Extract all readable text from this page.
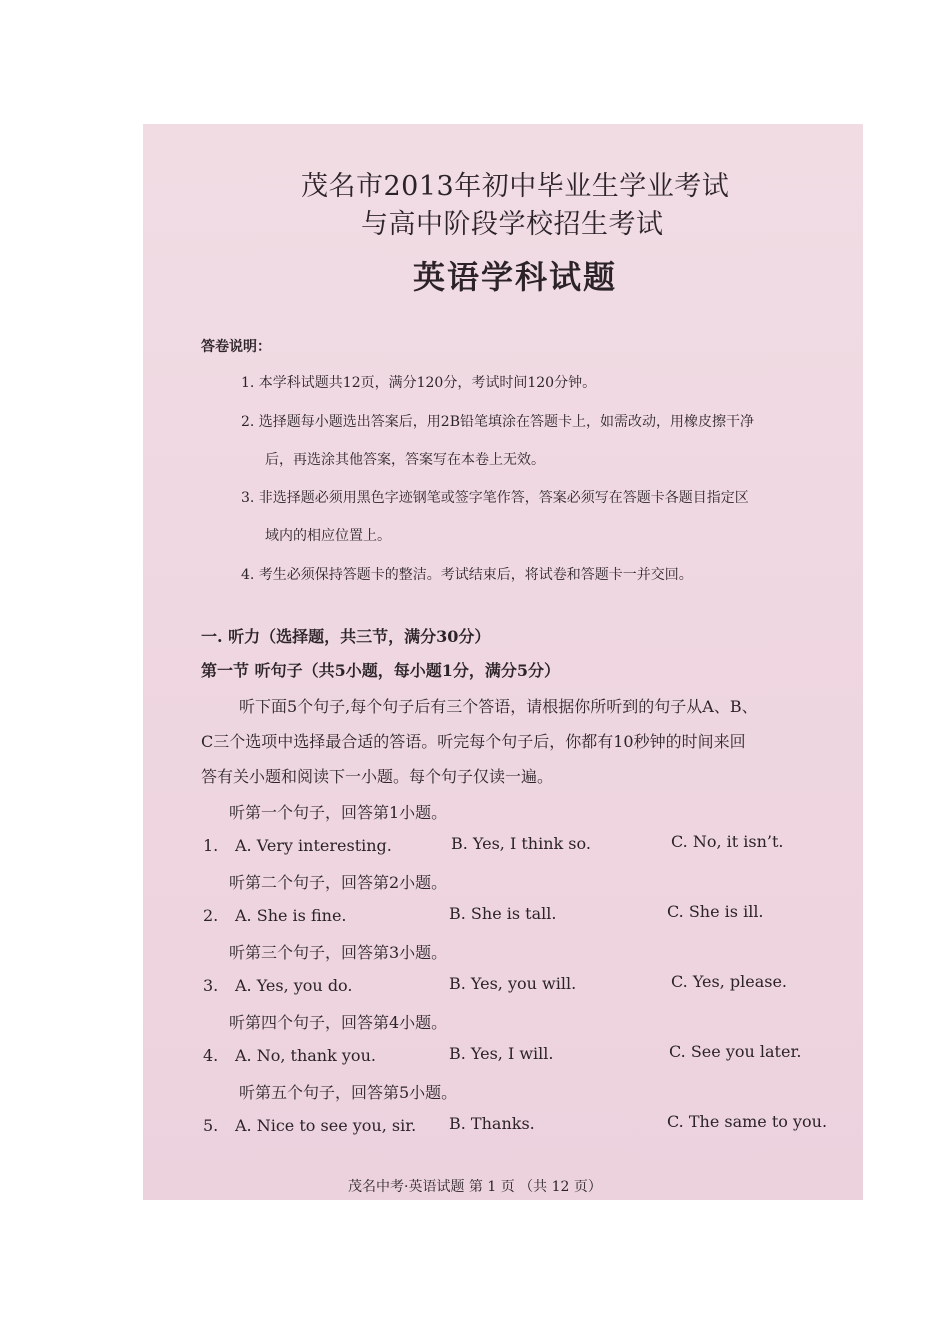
茂名市2013年初中毕业生学业考试
与高中阶段学校招生考试
英语学科试题
答卷说明：
1. 本学科试题共12页，满分120分，考试时间120分钟。
2. 选择题每小题选出答案后，用2B铅笔填涂在答题卡上，如需改动，用橡皮擦干净
后，再选涂其他答案，答案写在本卷上无效。
3. 非选择题必须用黑色字迹钢笔或签字笔作答，答案必须写在答题卡各题目指定区
域内的相应位置上。
4. 考生必须保持答题卡的整洁。考试结束后，将试卷和答题卡一并交回。
一. 听力（选择题，共三节，满分30分）
第一节 听句子（共5小题，每小题1分，满分5分）
听下面5个句子,每个句子后有三个答语，请根据你所听到的句子从A、B、
C三个选项中选择最合适的答语。听完每个句子后，你都有10秒钟的时间来回
答有关小题和阅读下一小题。每个句子仅读一遍。
听第一个句子，回答第1小题。
1. A. Very interesting.	B. Yes, I think so.	C. No, it isn’t.
听第二个句子，回答第2小题。
2. A. She is fine.	B. She is tall.	C. She is ill.
听第三个句子，回答第3小题。
3. A. Yes, you do.	B. Yes, you will.	C. Yes, please.
听第四个句子，回答第4小题。
4. A. No, thank you.	B. Yes, I will.	C. See you later.
听第五个句子，回答第5小题。
5. A. Nice to see you, sir. B. Thanks.	C. The same to you.
茂名中考·英语试题 第 1 页 （共 12 页）
